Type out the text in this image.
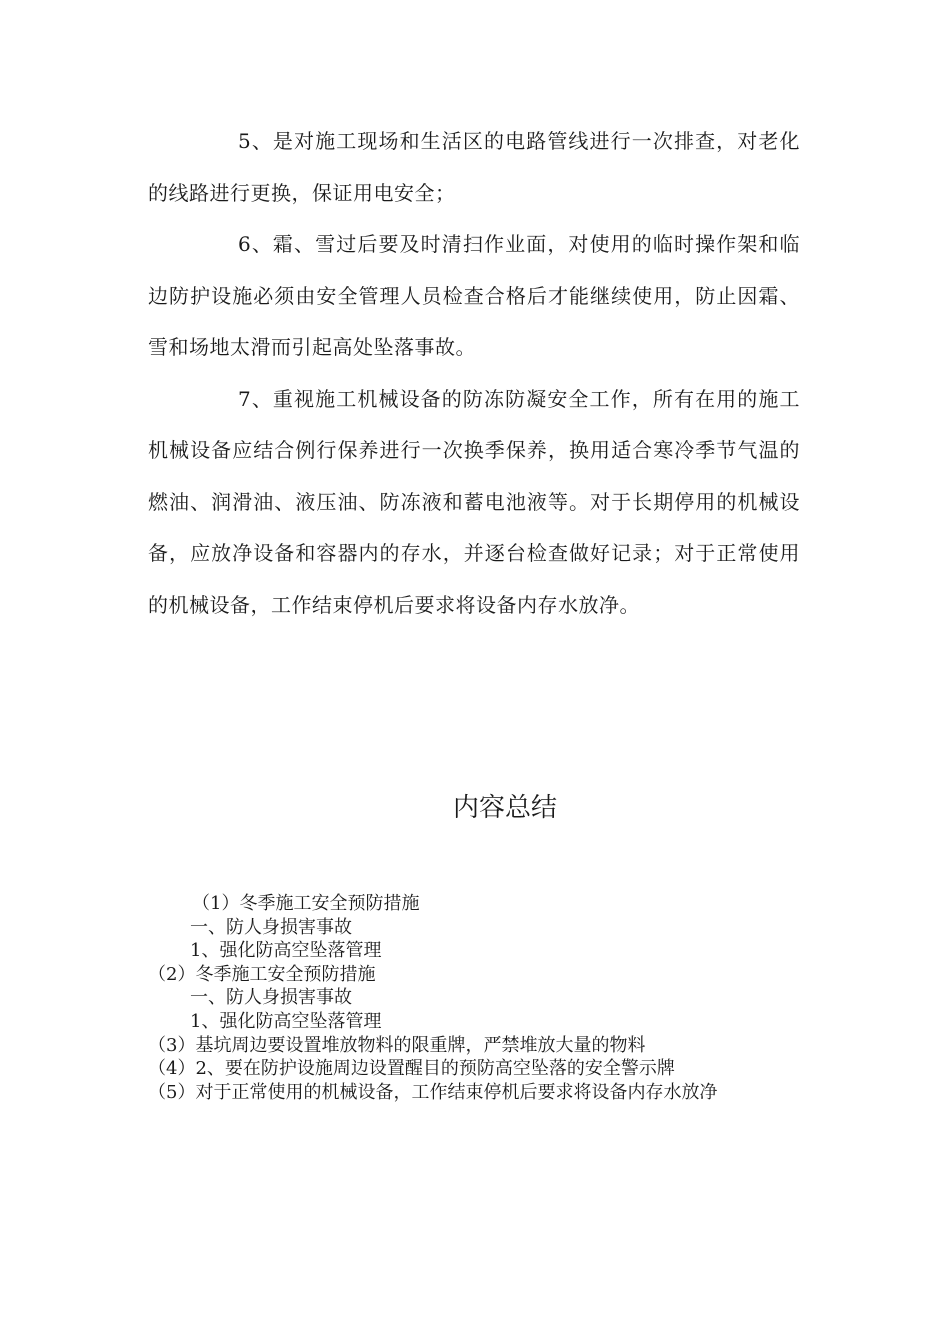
5、是对施工现场和生活区的电路管线进行一次排查，对老化的线路进行更换，保证用电安全；

6、霜、雪过后要及时清扫作业面，对使用的临时操作架和临边防护设施必须由安全管理人员检查合格后才能继续使用，防止因霜、雪和场地太滑而引起高处坠落事故。

7、重视施工机械设备的防冻防凝安全工作，所有在用的施工机械设备应结合例行保养进行一次换季保养，换用适合寒冷季节气温的燃油、润滑油、液压油、防冻液和蓄电池液等。对于长期停用的机械设备，应放净设备和容器内的存水，并逐台检查做好记录；对于正常使用的机械设备，工作结束停机后要求将设备内存水放净。

内容总结

（1）冬季施工安全预防措施

一、防人身损害事故

1、强化防高空坠落管理

（2）冬季施工安全预防措施

一、防人身损害事故

1、强化防高空坠落管理

（3）基坑周边要设置堆放物料的限重牌，严禁堆放大量的物料

（4）2、要在防护设施周边设置醒目的预防高空坠落的安全警示牌

（5）对于正常使用的机械设备，工作结束停机后要求将设备内存水放净
